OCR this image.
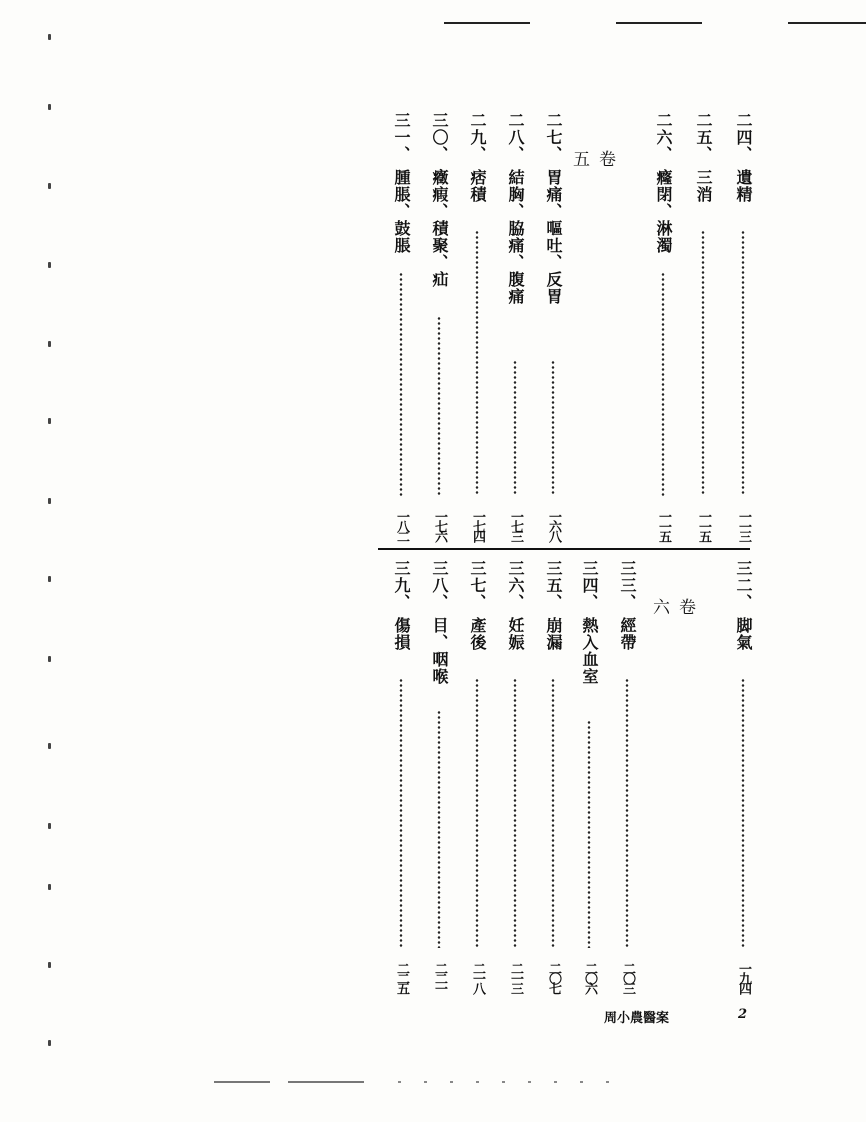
二四、遺精
一一三
二五、三消
一一五
二六、癃閉、淋濁
一一五
卷　五
二七、胃痛、嘔吐、反胃
一六八
二八、結胸、脇痛、腹痛
一七三
二九、痞積
一七四
三〇、癥瘕、積聚、疝
一七六
三一、腫脹、鼓脹
一八二
三二、脚氣
一九四
卷　六
三三、經帶
二〇三
三四、熱入血室
二〇六
三五、崩漏
二〇七
三六、妊娠
二一三
三七、產後
二一八
三八、目、咽喉
二二一
三九、傷損
二二五
周小農醫案	2
